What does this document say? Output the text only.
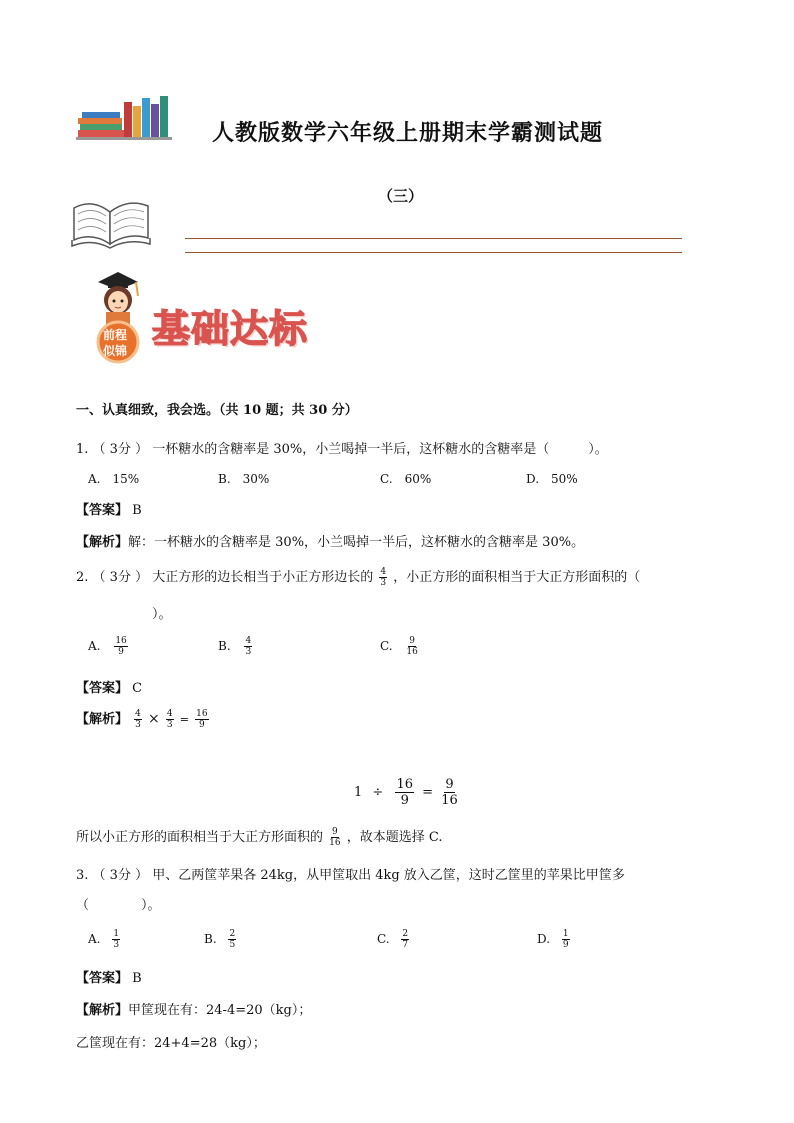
人教版数学六年级上册期末学霸测试题
（三）
前程
似锦 基础达标
一、认真细致，我会选。（共 10 题；共 30 分）
1. （ 3分 ） 一杯糖水的含糖率是 30%，小兰喝掉一半后，这杯糖水的含糖率是（　　　）。
A.　15%	B.　30%	C.　60%	D.　50%
【答案】 B
【解析】解：一杯糖水的含糖率是 30%，小兰喝掉一半后，这杯糖水的含糖率是 30%。
2. （ 3分 ） 大正方形的边长相当于小正方形边长的 $\frac{4}{3}$ ，小正方形的面积相当于大正方形面积的（
）。
A. $\frac{16}{9}$	B. $\frac{4}{3}$	C. $\frac{9}{16}$
【答案】 C
【解析】 $\frac{4}{3} \times \frac{4}{3} = \frac{16}{9}$
$1 \div \frac{16}{9} = \frac{9}{16}$
所以小正方形的面积相当于大正方形面积的 $\frac{9}{16}$ ，故本题选择 C.
3. （ 3分 ） 甲、乙两筐苹果各 24kg，从甲筐取出 4kg 放入乙筐，这时乙筐里的苹果比甲筐多
（　　　　）。
A. $\frac{1}{3}$	B. $\frac{2}{5}$	C. $\frac{2}{7}$	D. $\frac{1}{9}$
【答案】 B
【解析】甲筐现在有：24-4=20（kg）；
乙筐现在有：24+4=28（kg）；
